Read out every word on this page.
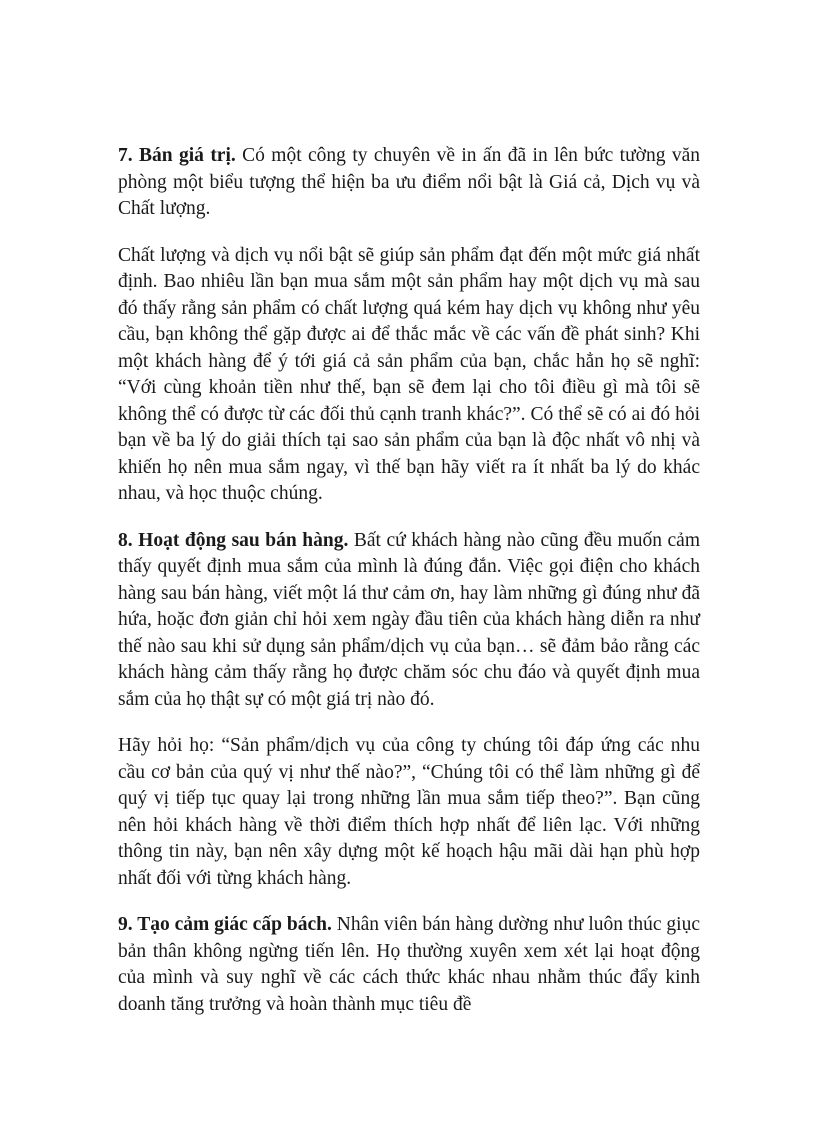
7. Bán giá trị. Có một công ty chuyên về in ấn đã in lên bức tường văn phòng một biểu tượng thể hiện ba ưu điểm nổi bật là Giá cả, Dịch vụ và Chất lượng.

Chất lượng và dịch vụ nổi bật sẽ giúp sản phẩm đạt đến một mức giá nhất định. Bao nhiêu lần bạn mua sắm một sản phẩm hay một dịch vụ mà sau đó thấy rằng sản phẩm có chất lượng quá kém hay dịch vụ không như yêu cầu, bạn không thể gặp được ai để thắc mắc về các vấn đề phát sinh? Khi một khách hàng để ý tới giá cả sản phẩm của bạn, chắc hẳn họ sẽ nghĩ: “Với cùng khoản tiền như thế, bạn sẽ đem lại cho tôi điều gì mà tôi sẽ không thể có được từ các đối thủ cạnh tranh khác?”. Có thể sẽ có ai đó hỏi bạn về ba lý do giải thích tại sao sản phẩm của bạn là độc nhất vô nhị và khiến họ nên mua sắm ngay, vì thế bạn hãy viết ra ít nhất ba lý do khác nhau, và học thuộc chúng.

8. Hoạt động sau bán hàng. Bất cứ khách hàng nào cũng đều muốn cảm thấy quyết định mua sắm của mình là đúng đắn. Việc gọi điện cho khách hàng sau bán hàng, viết một lá thư cảm ơn, hay làm những gì đúng như đã hứa, hoặc đơn giản chỉ hỏi xem ngày đầu tiên của khách hàng diễn ra như thế nào sau khi sử dụng sản phẩm/dịch vụ của bạn… sẽ đảm bảo rằng các khách hàng cảm thấy rằng họ được chăm sóc chu đáo và quyết định mua sắm của họ thật sự có một giá trị nào đó.

Hãy hỏi họ: “Sản phẩm/dịch vụ của công ty chúng tôi đáp ứng các nhu cầu cơ bản của quý vị như thế nào?”, “Chúng tôi có thể làm những gì để quý vị tiếp tục quay lại trong những lần mua sắm tiếp theo?”. Bạn cũng nên hỏi khách hàng về thời điểm thích hợp nhất để liên lạc. Với những thông tin này, bạn nên xây dựng một kế hoạch hậu mãi dài hạn phù hợp nhất đối với từng khách hàng.

9. Tạo cảm giác cấp bách. Nhân viên bán hàng dường như luôn thúc giục bản thân không ngừng tiến lên. Họ thường xuyên xem xét lại hoạt động của mình và suy nghĩ về các cách thức khác nhau nhằm thúc đẩy kinh doanh tăng trưởng và hoàn thành mục tiêu đề
